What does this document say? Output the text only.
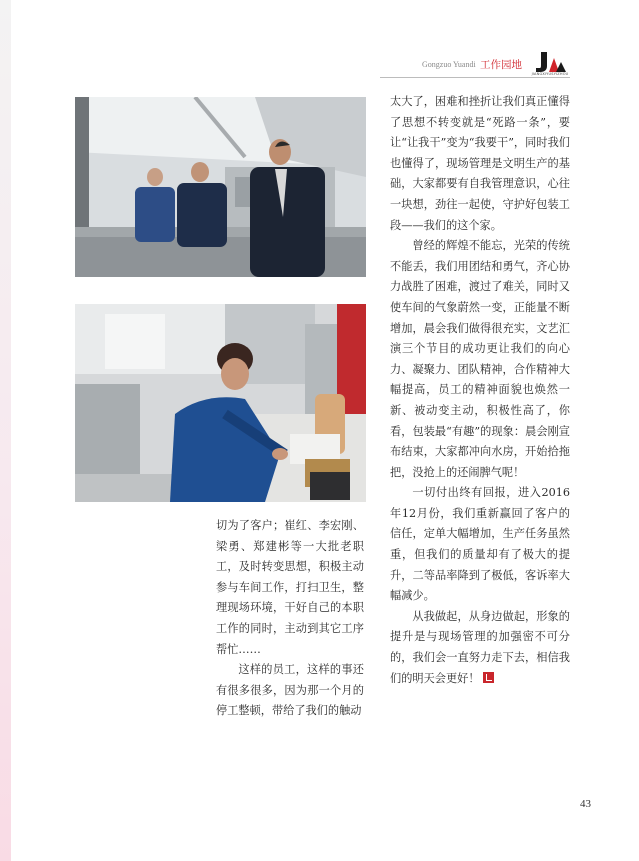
Gongzuo Yuandi 工作园地
JIANGXIYUSYIZHOU

切为了客户；崔红、李宏刚、梁勇、郑建彬等一大批老职工，及时转变思想，积极主动参与车间工作，打扫卫生，整理现场环境，干好自己的本职工作的同时，主动到其它工序帮忙……

这样的员工，这样的事还有很多很多，因为那一个月的停工整顿，带给了我们的触动

太大了，困难和挫折让我们真正懂得了思想不转变就是“死路一条”，要让“让我干”变为“我要干”，同时我们也懂得了，现场管理是文明生产的基础，大家都要有自我管理意识，心往一块想，劲往一起使，守护好包装工段——我们的这个家。

曾经的辉煌不能忘，光荣的传统不能丢，我们用团结和勇气，齐心协力战胜了困难，渡过了难关，同时又使车间的气象蔚然一变，正能量不断增加，晨会我们做得很充实，文艺汇演三个节目的成功更让我们的向心力、凝聚力、团队精神，合作精神大幅提高，员工的精神面貌也焕然一新、被动变主动，积极性高了，你看，包装最“有趣”的现象：晨会刚宣布结束，大家都冲向水房，开始拾拖把，没抢上的还闹脾气呢！

一切付出终有回报，进入2016年12月份，我们重新赢回了客户的信任，定单大幅增加，生产任务虽然重，但我们的质量却有了极大的提升，二等品率降到了极低，客诉率大幅减少。

从我做起，从身边做起，形象的提升是与现场管理的加强密不可分的，我们会一直努力走下去，相信我们的明天会更好！

43
